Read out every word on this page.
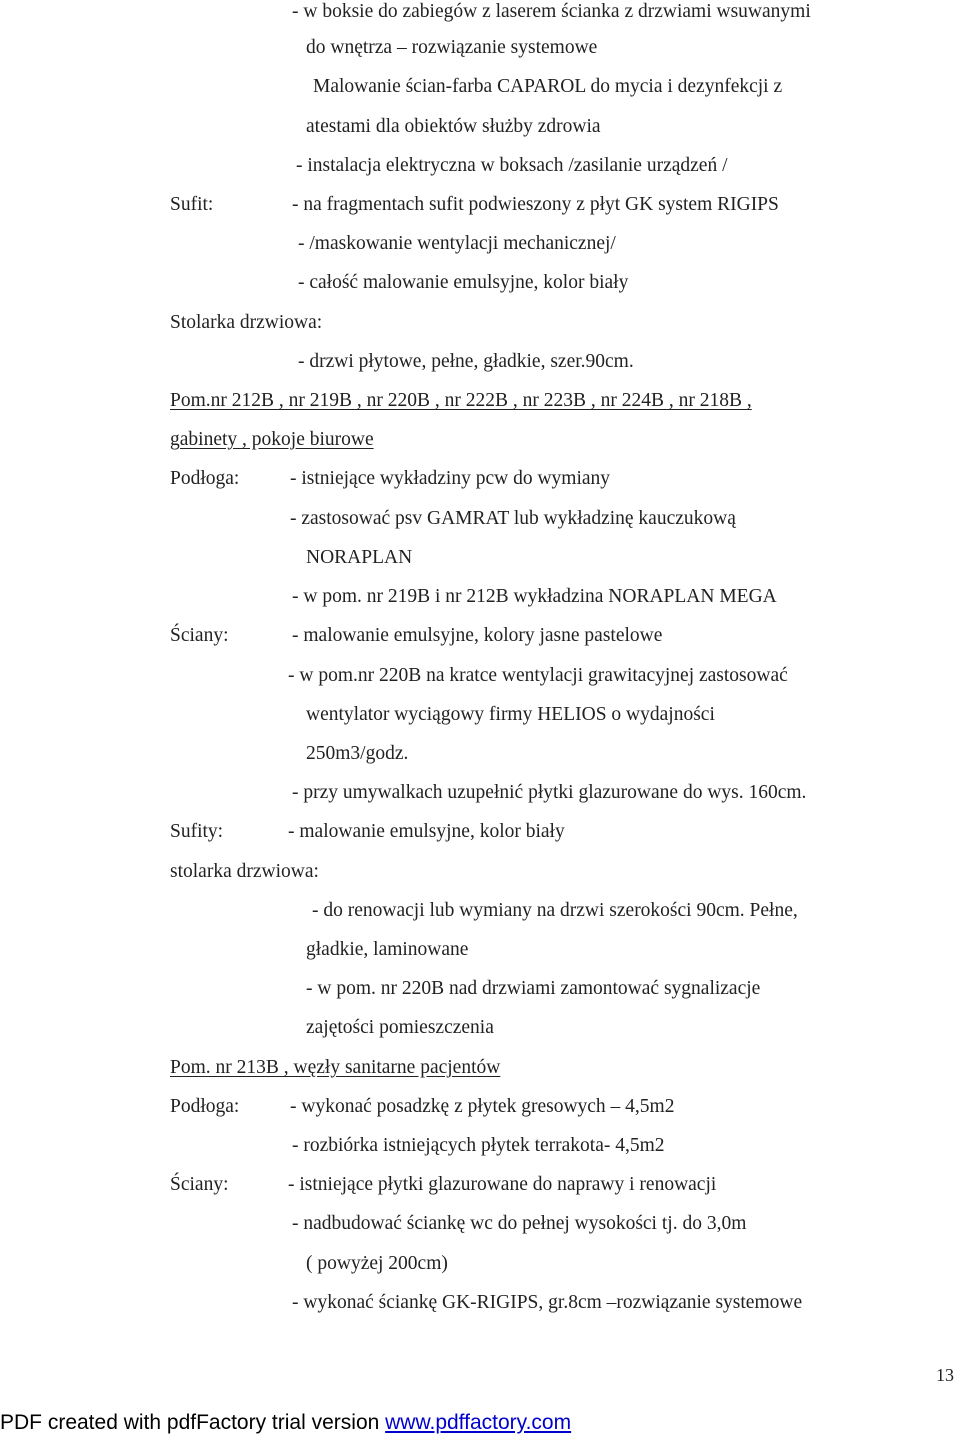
- w boksie do zabiegów z laserem ścianka z drzwiami wsuwanymi
do wnętrza – rozwiązanie systemowe
Malowanie ścian-farba CAPAROL do mycia i dezynfekcji z
atestami dla obiektów służby zdrowia
- instalacja elektryczna w boksach /zasilanie urządzeń /
Sufit:	- na fragmentach sufit podwieszony z płyt GK system RIGIPS
- /maskowanie wentylacji mechanicznej/
- całość malowanie emulsyjne, kolor biały
Stolarka drzwiowa:
- drzwi płytowe, pełne, gładkie, szer.90cm.
Pom.nr 212B , nr 219B , nr 220B , nr 222B , nr 223B , nr 224B , nr 218B ,
gabinety , pokoje biurowe
Podłoga:	- istniejące wykładziny pcw do wymiany
- zastosować psv GAMRAT lub wykładzinę kauczukową
NORAPLAN
- w pom. nr 219B i nr 212B wykładzina NORAPLAN MEGA
Ściany:	- malowanie emulsyjne, kolory jasne pastelowe
- w pom.nr 220B na kratce wentylacji grawitacyjnej zastosować
wentylator wyciągowy firmy HELIOS o wydajności
250m3/godz.
- przy umywalkach uzupełnić płytki glazurowane do wys. 160cm.
Sufity:	- malowanie emulsyjne, kolor biały
stolarka drzwiowa:
- do renowacji lub wymiany na drzwi szerokości 90cm. Pełne,
gładkie, laminowane
- w pom. nr 220B nad drzwiami zamontować sygnalizacje
zajętości pomieszczenia
Pom. nr 213B , węzły sanitarne pacjentów
Podłoga:	- wykonać posadzkę z płytek gresowych – 4,5m2
- rozbiórka istniejących płytek terrakota- 4,5m2
Ściany:	- istniejące płytki glazurowane do naprawy i renowacji
- nadbudować ściankę wc do pełnej wysokości tj. do 3,0m
( powyżej 200cm)
- wykonać ściankę GK-RIGIPS, gr.8cm –rozwiązanie systemowe
13
PDF created with pdfFactory trial version www.pdffactory.com
